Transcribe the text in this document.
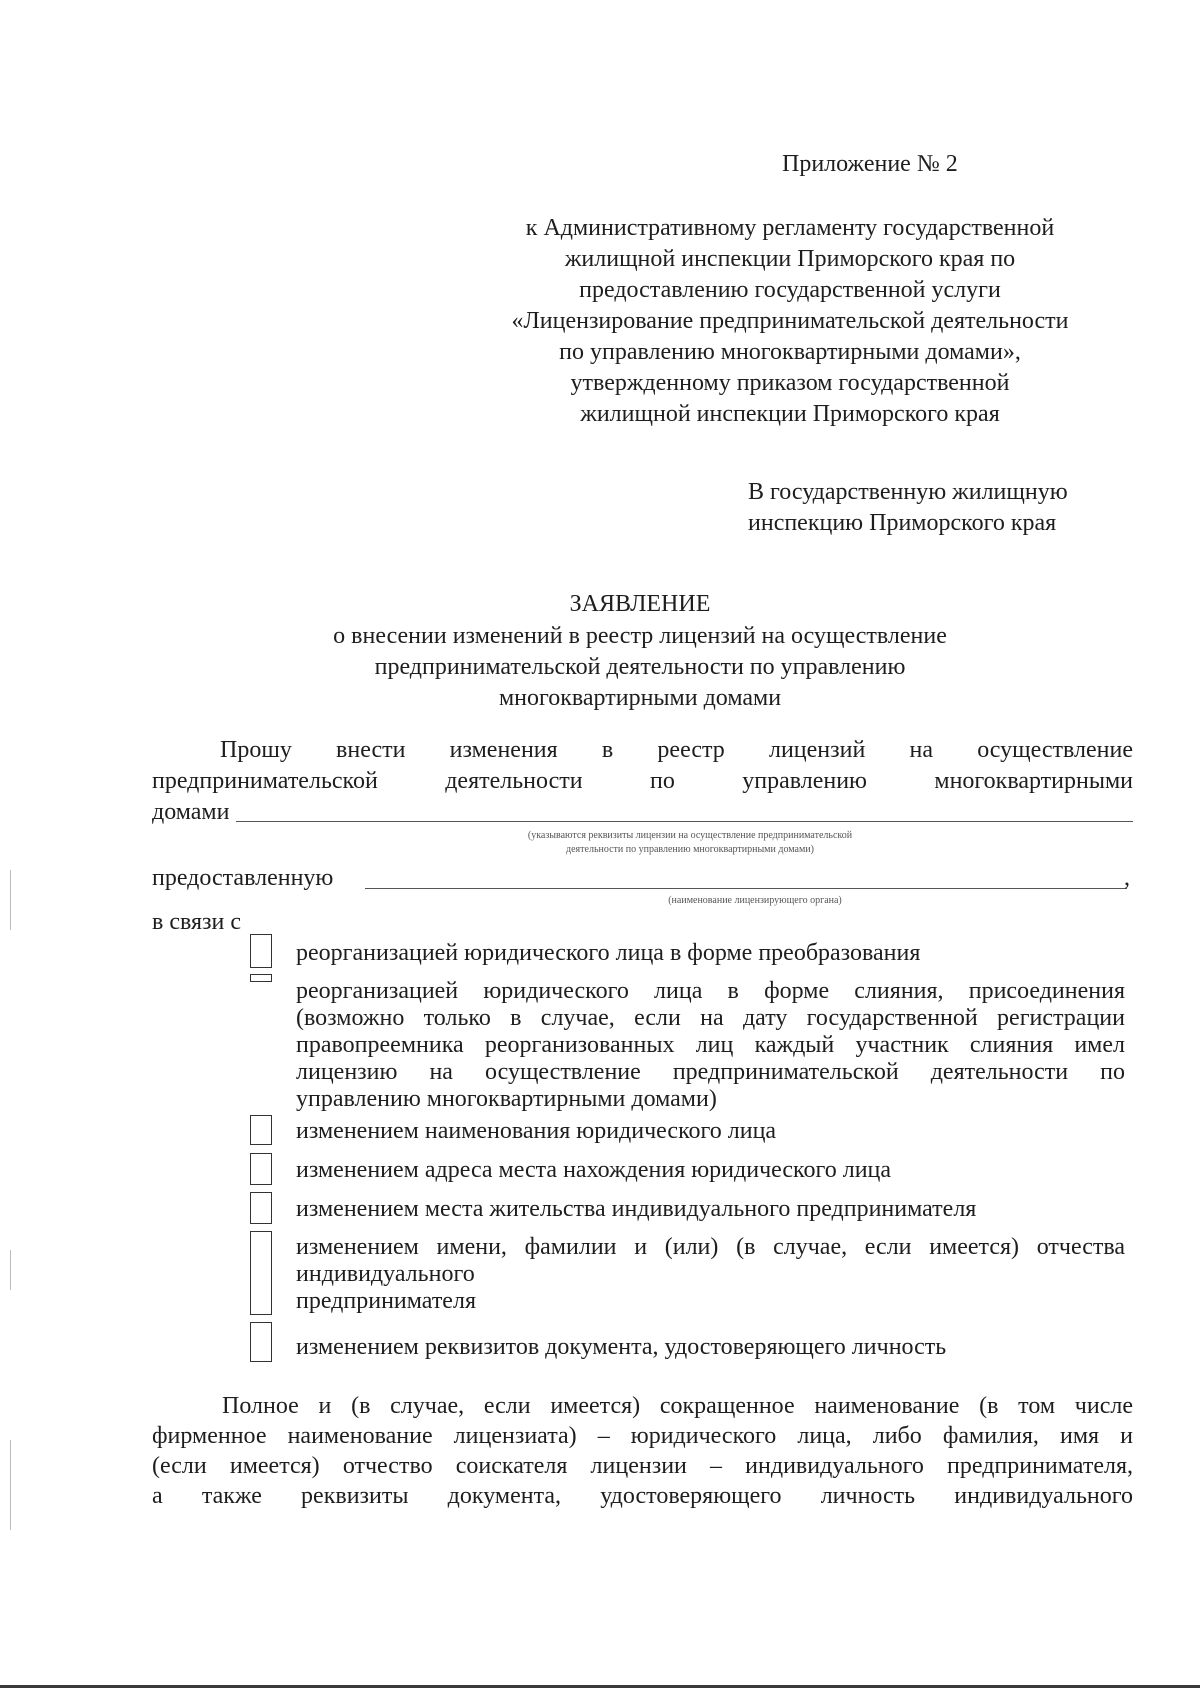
Приложение № 2
к Административному регламенту государственной
жилищной инспекции Приморского края по
предоставлению государственной услуги
«Лицензирование предпринимательской деятельности
по управлению многоквартирными домами»,
утвержденному приказом государственной
жилищной инспекции Приморского края
В государственную жилищную
инспекцию Приморского края
ЗАЯВЛЕНИЕ
о внесении изменений в реестр лицензий на осуществление
предпринимательской деятельности по управлению
многоквартирными домами
Прошу внести изменения в реестр лицензий на осуществление
предпринимательской деятельности по управлению многоквартирными
домами
(указываются реквизиты лицензии на осуществление предпринимательской
деятельности по управлению многоквартирными домами)
предоставленную	,
(наименование лицензирующего органа)
в связи с
реорганизацией юридического лица в форме преобразования
реорганизацией юридического лица в форме слияния, присоединения
(возможно только в случае, если на дату государственной регистрации
правопреемника реорганизованных лиц каждый участник слияния имел
лицензию на осуществление предпринимательской деятельности по
управлению многоквартирными домами)
изменением наименования юридического лица
изменением адреса места нахождения юридического лица
изменением места жительства индивидуального предпринимателя
изменением имени, фамилии и (или) (в случае, если имеется) отчества
индивидуального
предпринимателя
изменением реквизитов документа, удостоверяющего личность
Полное и (в случае, если имеется) сокращенное наименование (в том числе
фирменное наименование лицензиата) – юридического лица, либо фамилия, имя и
(если имеется) отчество соискателя лицензии – индивидуального предпринимателя,
а также реквизиты документа, удостоверяющего личность индивидуального
